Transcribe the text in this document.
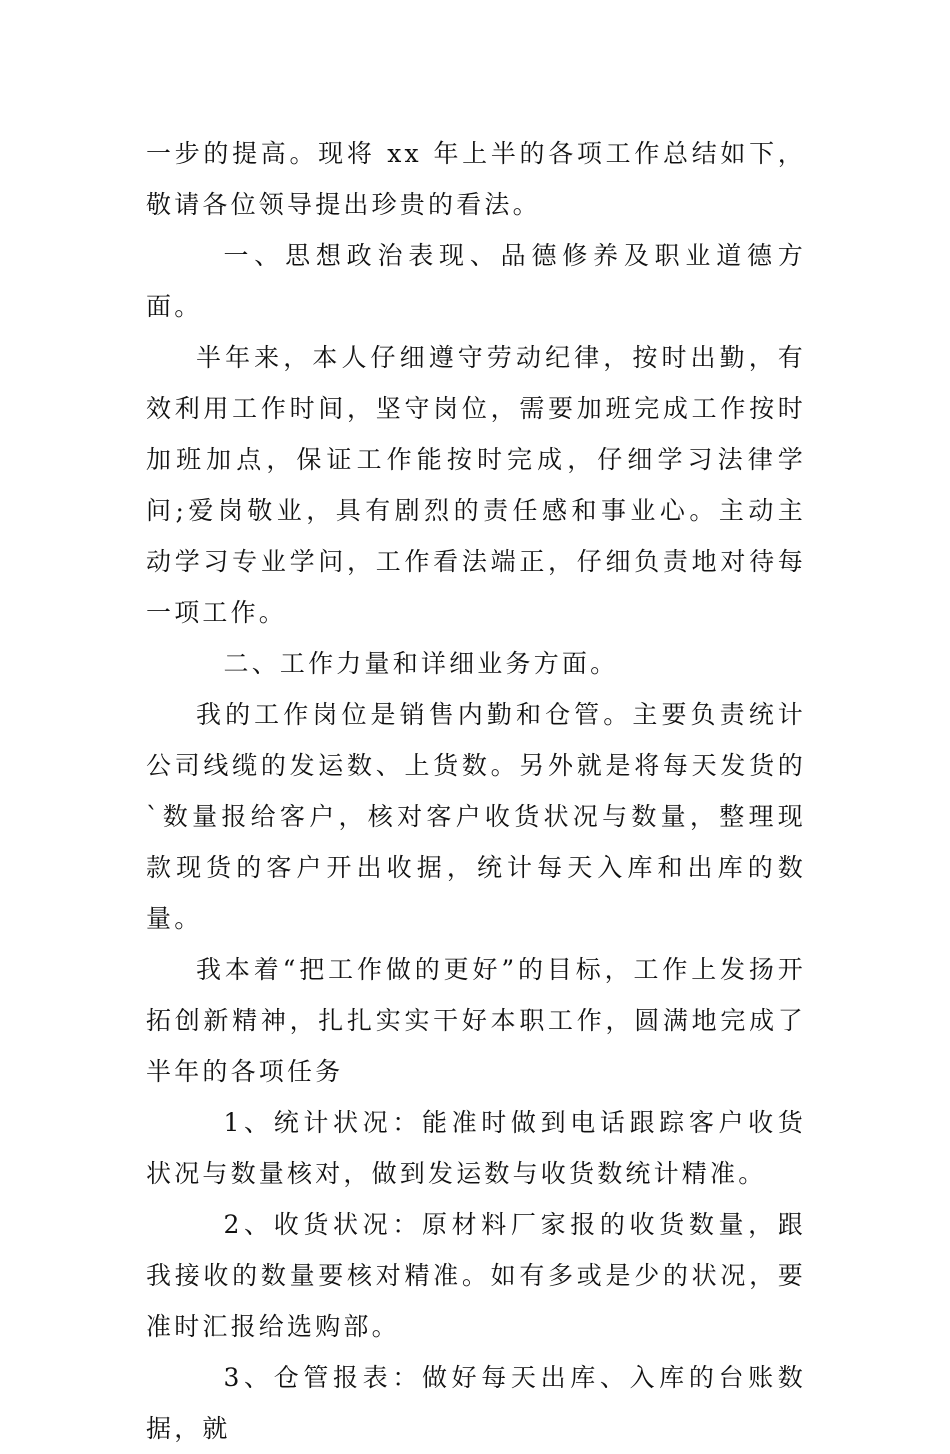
一步的提高。现将 xx 年上半的各项工作总结如下，敬请各位领导提出珍贵的看法。

一、思想政治表现、品德修养及职业道德方面。

半年来，本人仔细遵守劳动纪律，按时出勤，有效利用工作时间，坚守岗位，需要加班完成工作按时加班加点，保证工作能按时完成，仔细学习法律学问;爱岗敬业，具有剧烈的责任感和事业心。主动主动学习专业学问，工作看法端正，仔细负责地对待每一项工作。

二、工作力量和详细业务方面。

我的工作岗位是销售内勤和仓管。主要负责统计公司线缆的发运数、上货数。另外就是将每天发货的`数量报给客户，核对客户收货状况与数量，整理现款现货的客户开出收据，统计每天入库和出库的数量。

我本着“把工作做的更好”的目标，工作上发扬开拓创新精神，扎扎实实干好本职工作，圆满地完成了半年的各项任务

1、统计状况：能准时做到电话跟踪客户收货状况与数量核对，做到发运数与收货数统计精准。

2、收货状况：原材料厂家报的收货数量，跟我接收的数量要核对精准。如有多或是少的状况，要准时汇报给选购部。

3、仓管报表：做好每天出库、入库的台账数据，就
